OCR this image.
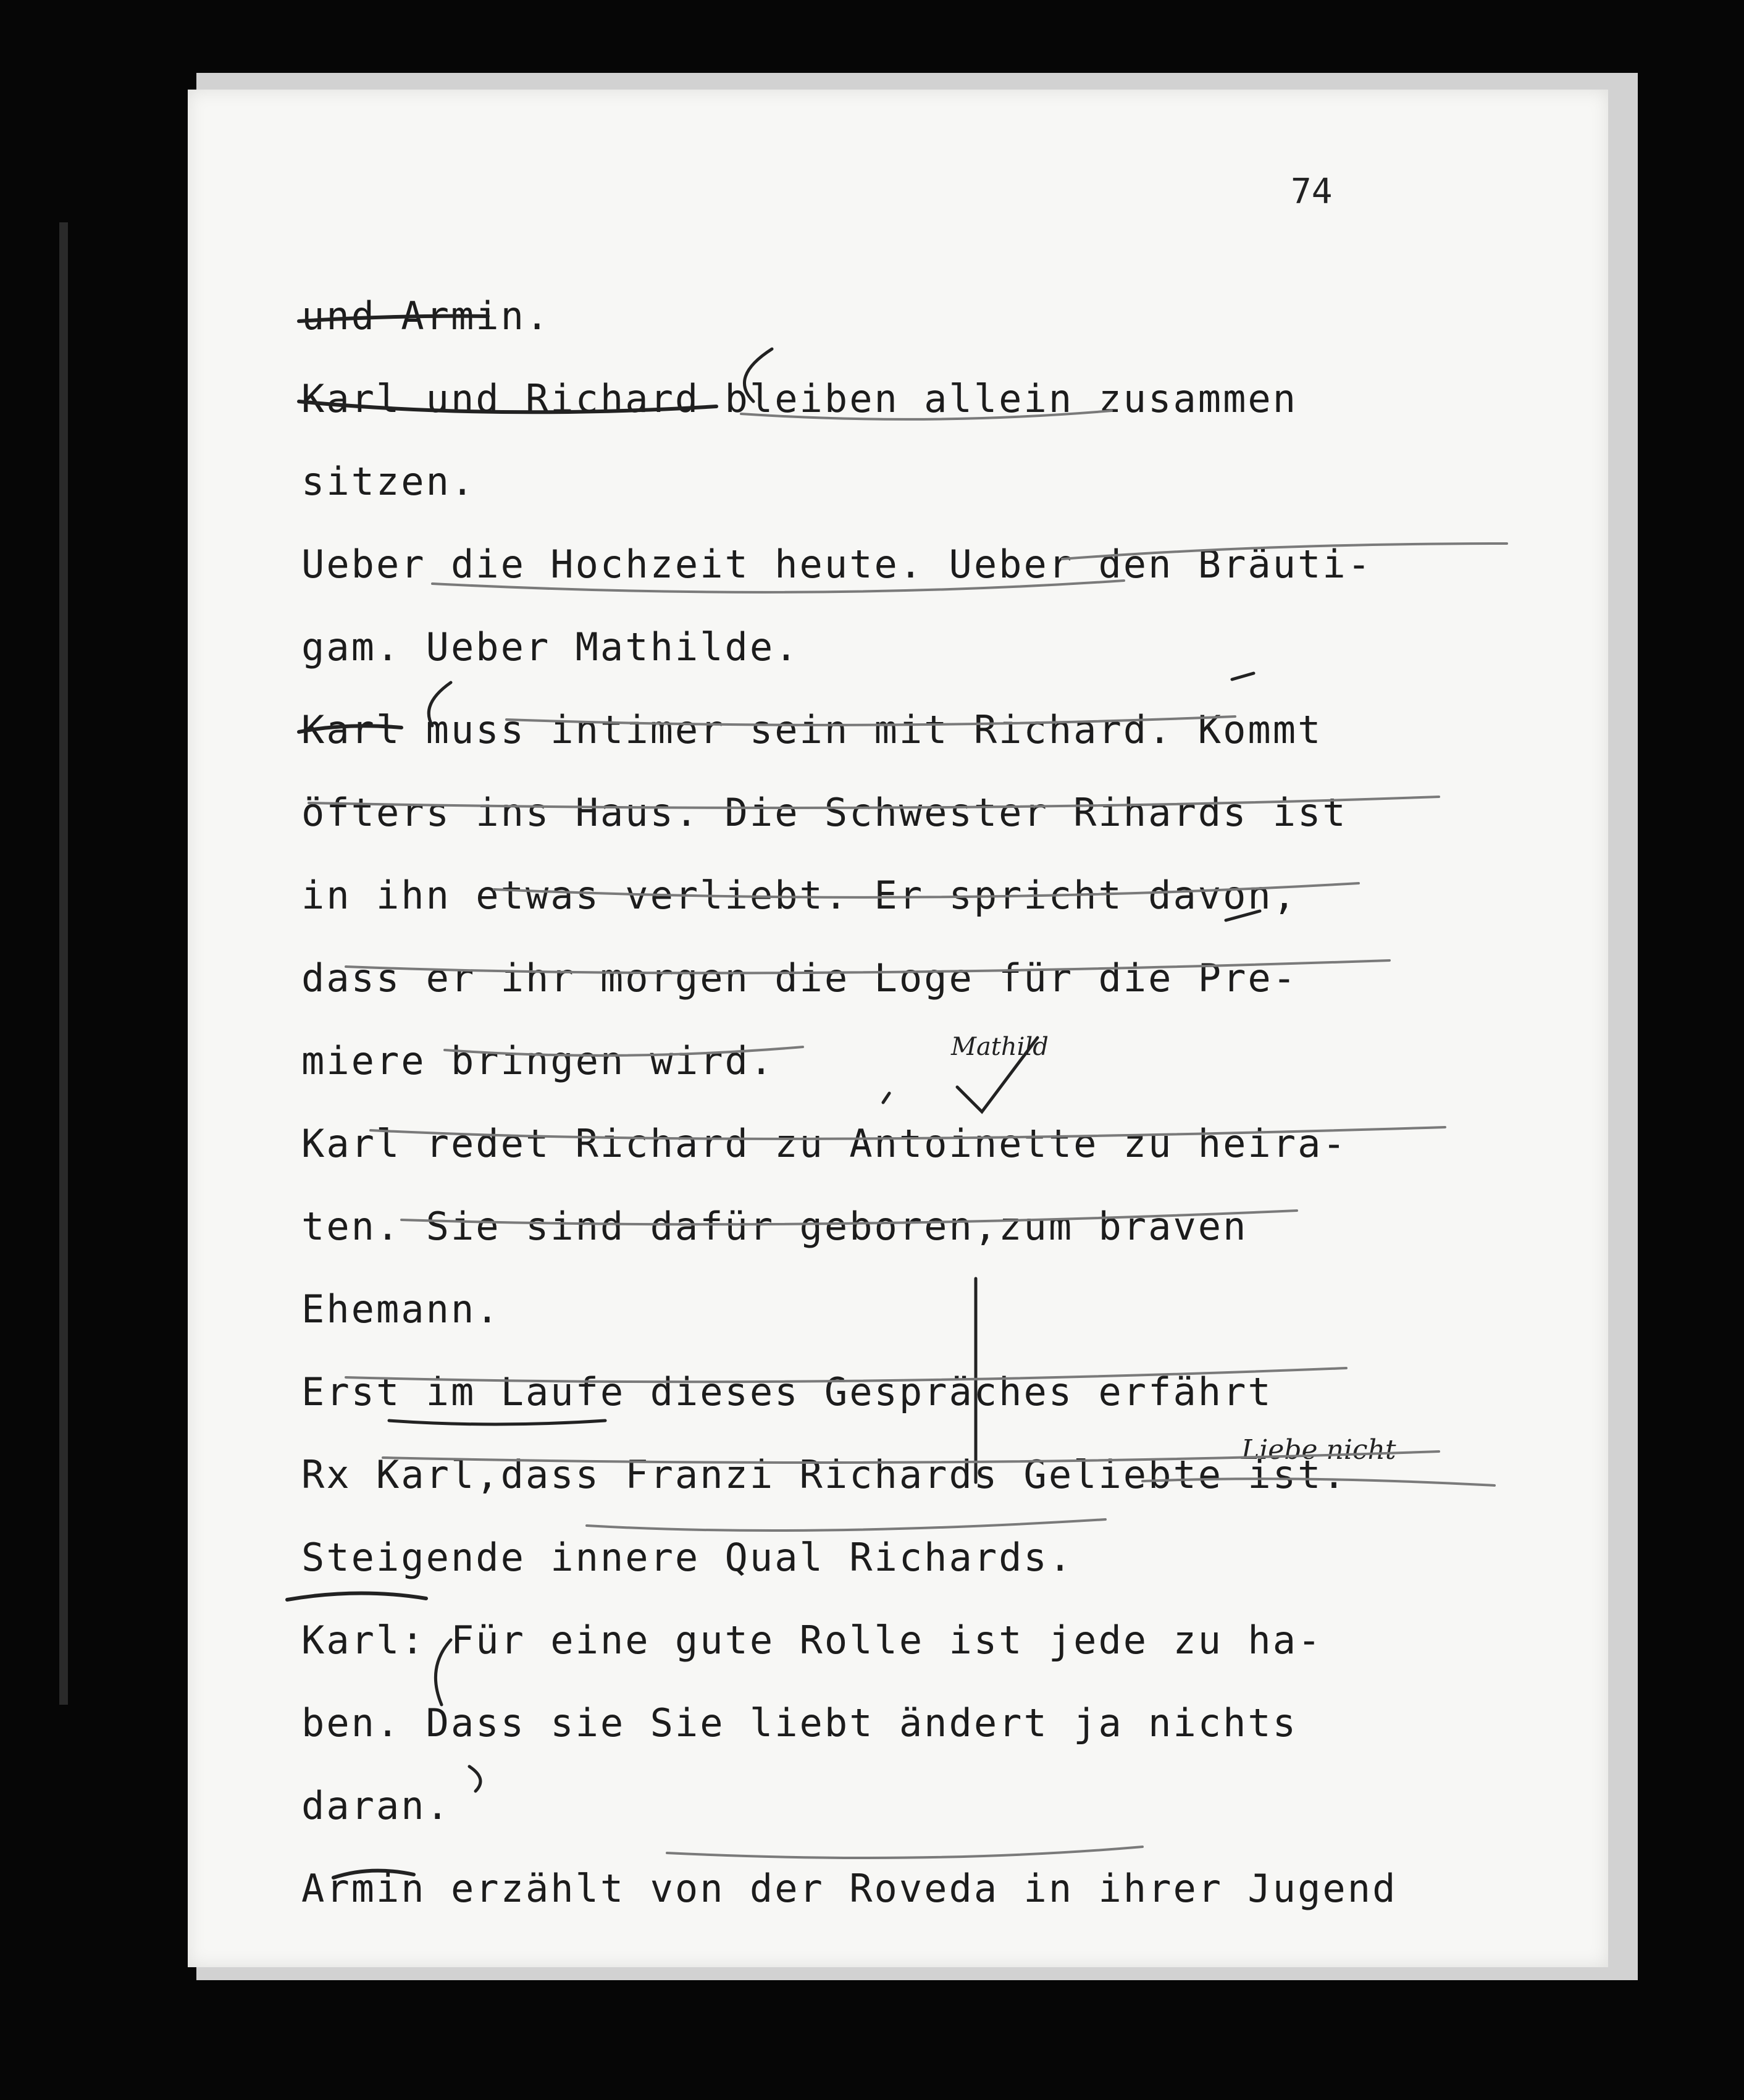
74
und Armin.
Karl und Richard bleiben allein zusammen
sitzen.
Ueber die Hochzeit heute. Ueber den Bräuti-
gam. Ueber Mathilde.
Karl muss intimer sein mit Richard. Kommt
öfters ins Haus. Die Schwester Rihards ist
in ihn etwas verliebt. Er spricht davon,
dass er ihr morgen die Loge für die Pre-
miere bringen wird.
Karl redet Richard zu Antoinette zu heira-
ten. Sie sind dafür geboren,zum braven
Ehemann.
Erst im Laufe dieses Gespräches erfährt
Rx Karl,dass Franzi Richards Geliebte ist.
Steigende innere Qual Richards.
Karl: Für eine gute Rolle ist jede zu ha-
ben. Dass sie Sie liebt ändert ja nichts
daran.
Armin erzählt von der Roveda in ihrer Jugend
Mathild
Liebe nicht
